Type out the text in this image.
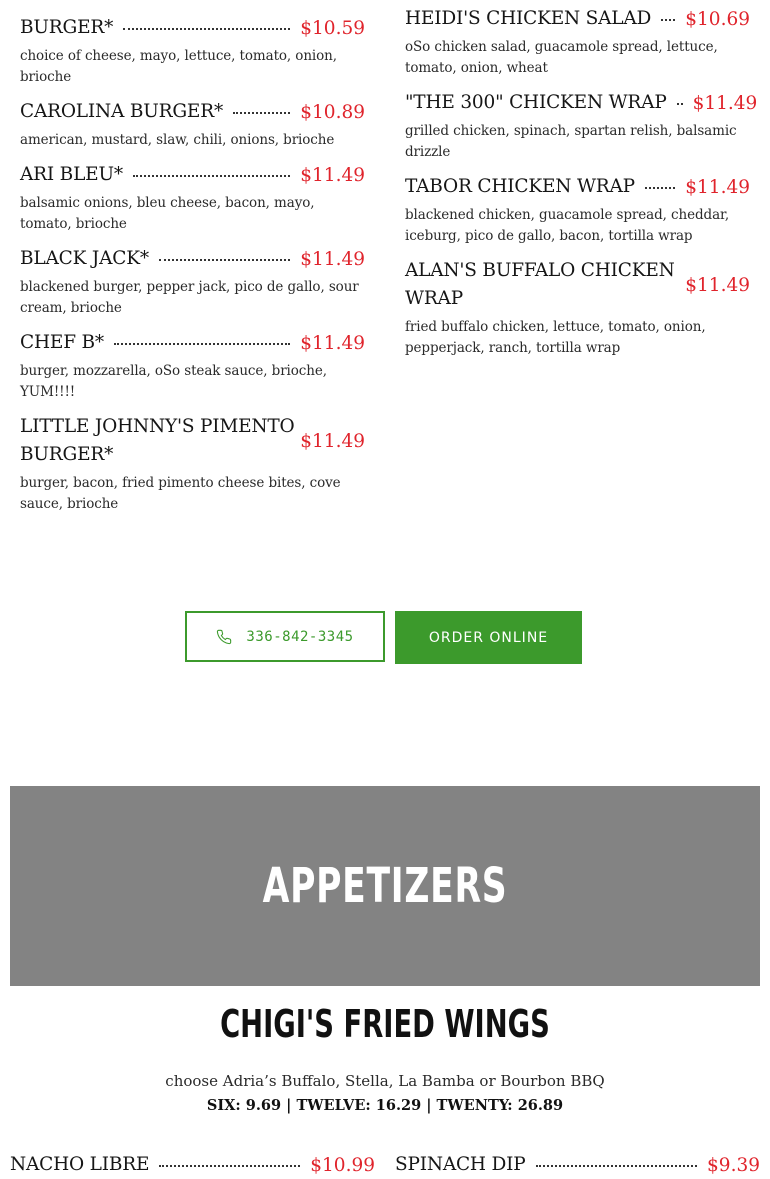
BURGER*	$10.59
choice of cheese, mayo, lettuce, tomato, onion, brioche
CAROLINA BURGER*	$10.89
american, mustard, slaw, chili, onions, brioche
ARI BLEU*	$11.49
balsamic onions, bleu cheese, bacon, mayo, tomato, brioche
BLACK JACK*	$11.49
blackened burger, pepper jack, pico de gallo, sour cream, brioche
CHEF B*	$11.49
burger, mozzarella, oSo steak sauce, brioche, YUM!!!!
LITTLE JOHNNY'S PIMENTO BURGER*
$11.49
burger, bacon, fried pimento cheese bites, cove sauce, brioche
HEIDI'S CHICKEN SALAD $10.69
oSo chicken salad, guacamole spread, lettuce, tomato, onion, wheat
"THE 300" CHICKEN WRAP $11.49
grilled chicken, spinach, spartan relish, balsamic drizzle
TABOR CHICKEN WRAP	$11.49
blackened chicken, guacamole spread, cheddar, iceburg, pico de gallo, bacon, tortilla wrap
ALAN'S BUFFALO CHICKEN WRAP
$11.49
fried buffalo chicken, lettuce, tomato, onion, pepperjack, ranch, tortilla wrap
336-842-3345	ORDER ONLINE
APPETIZERS
CHIGI'S FRIED WINGS
choose Adria’s Buffalo, Stella, La Bamba or Bourbon BBQ
SIX: 9.69 | TWELVE: 16.29 | TWENTY: 26.89
NACHO LIBRE	$10.99 SPINACH DIP	$9.39
